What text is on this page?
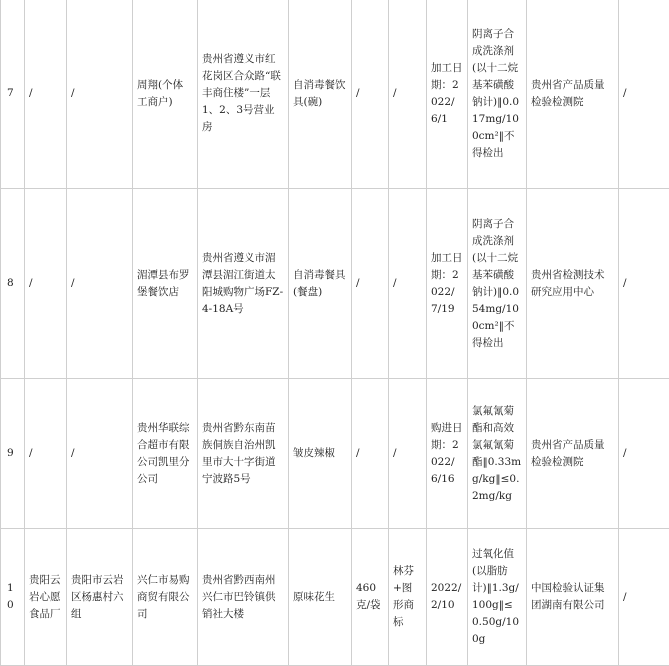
7	/	/	周翔(个体工商户)	贵州省遵义市红花岗区合众路“联丰商住楼”一层1、2、3号营业房	自消毒餐饮具(碗)	/	/	加工日期：2022/6/1	阴离子合成洗涤剂(以十二烷基苯磺酸钠计)‖0.017mg/100cm²‖不得检出	贵州省产品质量检验检测院	/
8	/	/	湄潭县布罗堡餐饮店	贵州省遵义市湄潭县湄江街道太阳城购物广场FZ-4-18A号	自消毒餐具(餐盘)	/	/	加工日期：2022/7/19	阴离子合成洗涤剂(以十二烷基苯磺酸钠计)‖0.054mg/100cm²‖不得检出	贵州省检测技术研究应用中心	/
9	/	/	贵州华联综合超市有限公司凯里分公司	贵州省黔东南苗族侗族自治州凯里市大十字街道宁波路5号	皱皮辣椒	/	/	购进日期：2022/6/16	氯氟氰菊酯和高效氯氟氰菊酯‖0.33mg/kg‖≤0.2mg/kg	贵州省产品质量检验检测院	/
10	贵阳云岩心愿食品厂	贵阳市云岩区杨惠村六组	兴仁市易购商贸有限公司	贵州省黔西南州兴仁市巴铃镇供销社大楼	原味花生	460克/袋	林芬+图形商标	2022/2/10	过氧化值(以脂肪计)‖1.3g/100g‖≤0.50g/100g	中国检验认证集团湖南有限公司	/
